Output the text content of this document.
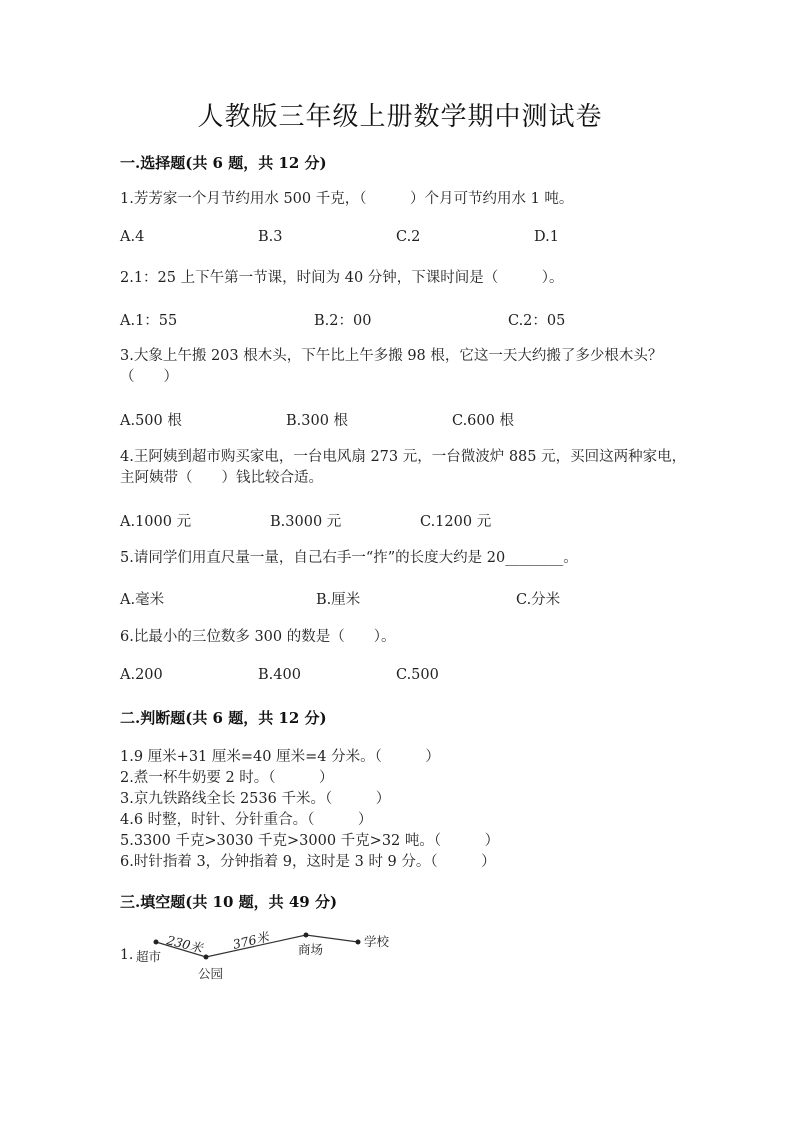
人教版三年级上册数学期中测试卷
一.选择题(共 6 题，共 12 分)
1.芳芳家一个月节约用水 500 千克，（　　　）个月可节约用水 1 吨。
A.4	B.3	C.2	D.1
2.1：25 上下午第一节课，时间为 40 分钟，下课时间是（　　　）。
A.1：55	B.2：00	C.2：05
3.大象上午搬 203 根木头，下午比上午多搬 98 根，它这一天大约搬了多少根木头？（　　）
A.500 根	B.300 根	C.600 根
4.王阿姨到超市购买家电，一台电风扇 273 元，一台微波炉 885 元，买回这两种家电，主阿姨带（　　）钱比较合适。
A.1000 元	B.3000 元	C.1200 元
5.请同学们用直尺量一量，自己右手一“拃”的长度大约是 20________。
A.毫米	B.厘米	C.分米
6.比最小的三位数多 300 的数是（　　）。
A.200	B.400	C.500
二.判断题(共 6 题，共 12 分)
1.9 厘米+31 厘米=40 厘米=4 分米。（　　　）
2.煮一杯牛奶要 2 时。（　　　）
3.京九铁路线全长 2536 千米。（　　　）
4.6 时整，时针、分针重合。（　　　）
5.3300 千克>3030 千克>3000 千克>32 吨。（　　　）
6.时针指着 3，分钟指着 9，这时是 3 时 9 分。（　　　）
三.填空题(共 10 题，共 49 分)
1. 超市
公园
商场
学校
230米 376米
